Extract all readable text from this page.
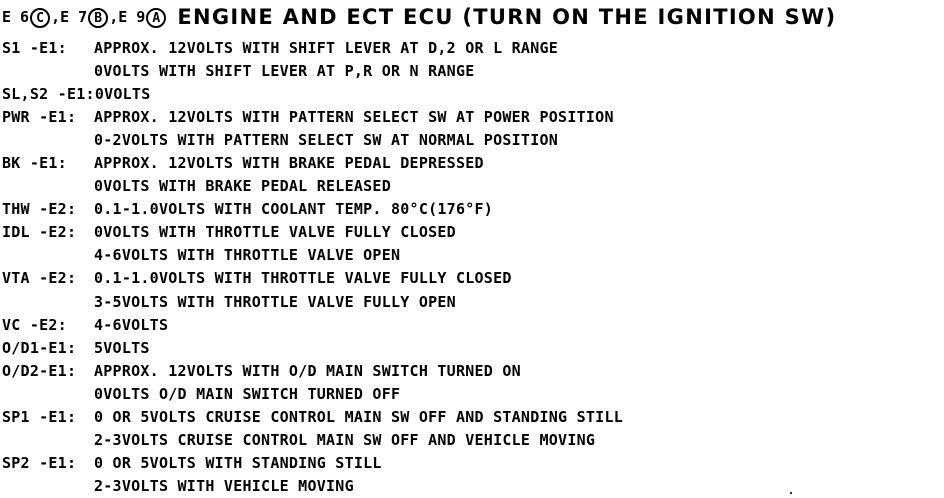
E 6 C ,E 7 B ,E 9 A ENGINE AND ECT ECU (TURN ON THE IGNITION SW)
S1 -E1:	APPROX. 12VOLTS WITH SHIFT LEVER AT D,2 OR L RANGE
0VOLTS WITH SHIFT LEVER AT P,R OR N RANGE
SL,S2 -E1: 0VOLTS
PWR -E1:	APPROX. 12VOLTS WITH PATTERN SELECT SW AT POWER POSITION
0-2VOLTS WITH PATTERN SELECT SW AT NORMAL POSITION
BK -E1:	APPROX. 12VOLTS WITH BRAKE PEDAL DEPRESSED
0VOLTS WITH BRAKE PEDAL RELEASED
THW -E2:	0.1-1.0VOLTS WITH COOLANT TEMP. 80°C(176°F)
IDL -E2:	0VOLTS WITH THROTTLE VALVE FULLY CLOSED
4-6VOLTS WITH THROTTLE VALVE OPEN
VTA -E2:	0.1-1.0VOLTS WITH THROTTLE VALVE FULLY CLOSED
3-5VOLTS WITH THROTTLE VALVE FULLY OPEN
VC -E2:	4-6VOLTS
O/D1-E1:	5VOLTS
O/D2-E1:	APPROX. 12VOLTS WITH O/D MAIN SWITCH TURNED ON
0VOLTS O/D MAIN SWITCH TURNED OFF
SP1 -E1:	0 OR 5VOLTS CRUISE CONTROL MAIN SW OFF AND STANDING STILL
2-3VOLTS CRUISE CONTROL MAIN SW OFF AND VEHICLE MOVING
SP2 -E1:	0 OR 5VOLTS WITH STANDING STILL
2-3VOLTS WITH VEHICLE MOVING
